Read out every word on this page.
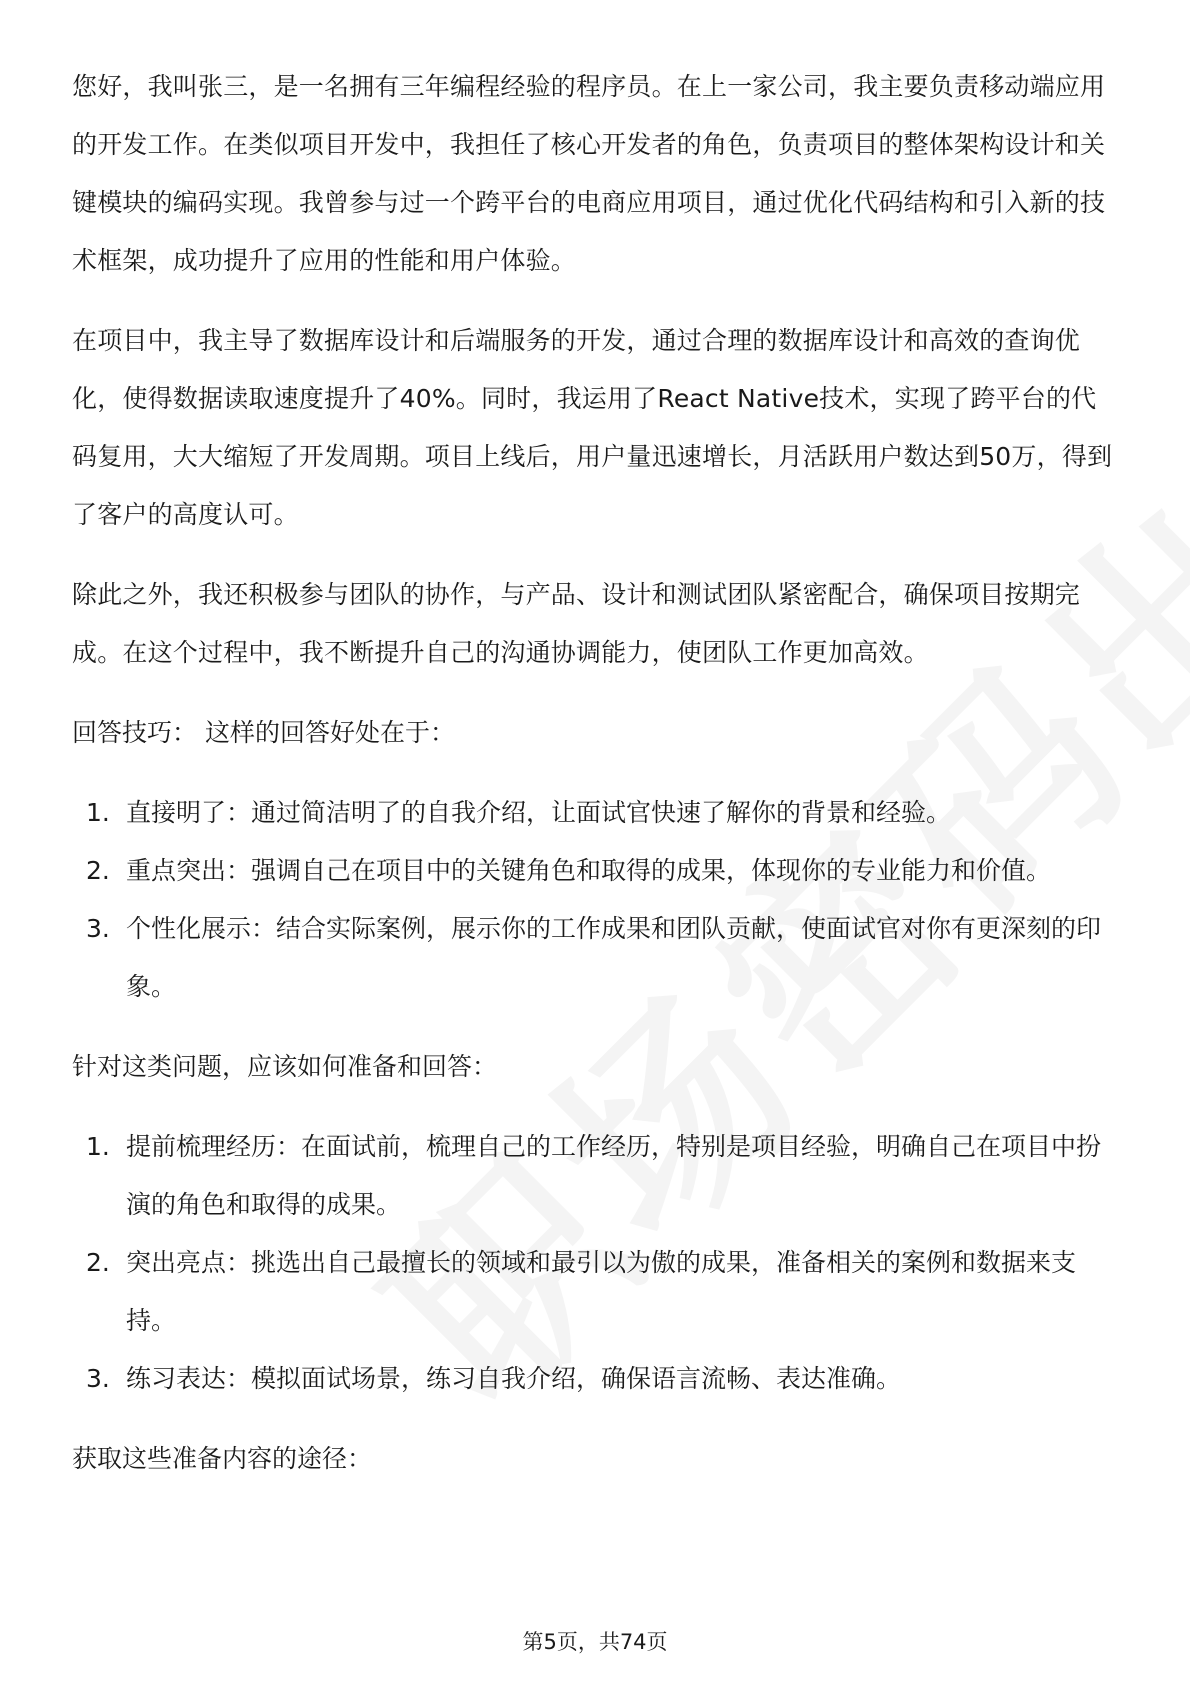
您好，我叫张三，是一名拥有三年编程经验的程序员。在上一家公司，我主要负责移动端应用的开发工作。在类似项目开发中，我担任了核心开发者的角色，负责项目的整体架构设计和关键模块的编码实现。我曾参与过一个跨平台的电商应用项目，通过优化代码结构和引入新的技术框架，成功提升了应用的性能和用户体验。

在项目中，我主导了数据库设计和后端服务的开发，通过合理的数据库设计和高效的查询优化，使得数据读取速度提升了40%。同时，我运用了React Native技术，实现了跨平台的代码复用，大大缩短了开发周期。项目上线后，用户量迅速增长，月活跃用户数达到50万，得到了客户的高度认可。

除此之外，我还积极参与团队的协作，与产品、设计和测试团队紧密配合，确保项目按期完成。在这个过程中，我不断提升自己的沟通协调能力，使团队工作更加高效。

回答技巧： 这样的回答好处在于：

1. 直接明了：通过简洁明了的自我介绍，让面试官快速了解你的背景和经验。
2. 重点突出：强调自己在项目中的关键角色和取得的成果，体现你的专业能力和价值。
3. 个性化展示：结合实际案例，展示你的工作成果和团队贡献，使面试官对你有更深刻的印象。

针对这类问题，应该如何准备和回答：

1. 提前梳理经历：在面试前，梳理自己的工作经历，特别是项目经验，明确自己在项目中扮演的角色和取得的成果。
2. 突出亮点：挑选出自己最擅长的领域和最引以为傲的成果，准备相关的案例和数据来支持。
3. 练习表达：模拟面试场景，练习自我介绍，确保语言流畅、表达准确。

获取这些准备内容的途径：

第5页，共74页
